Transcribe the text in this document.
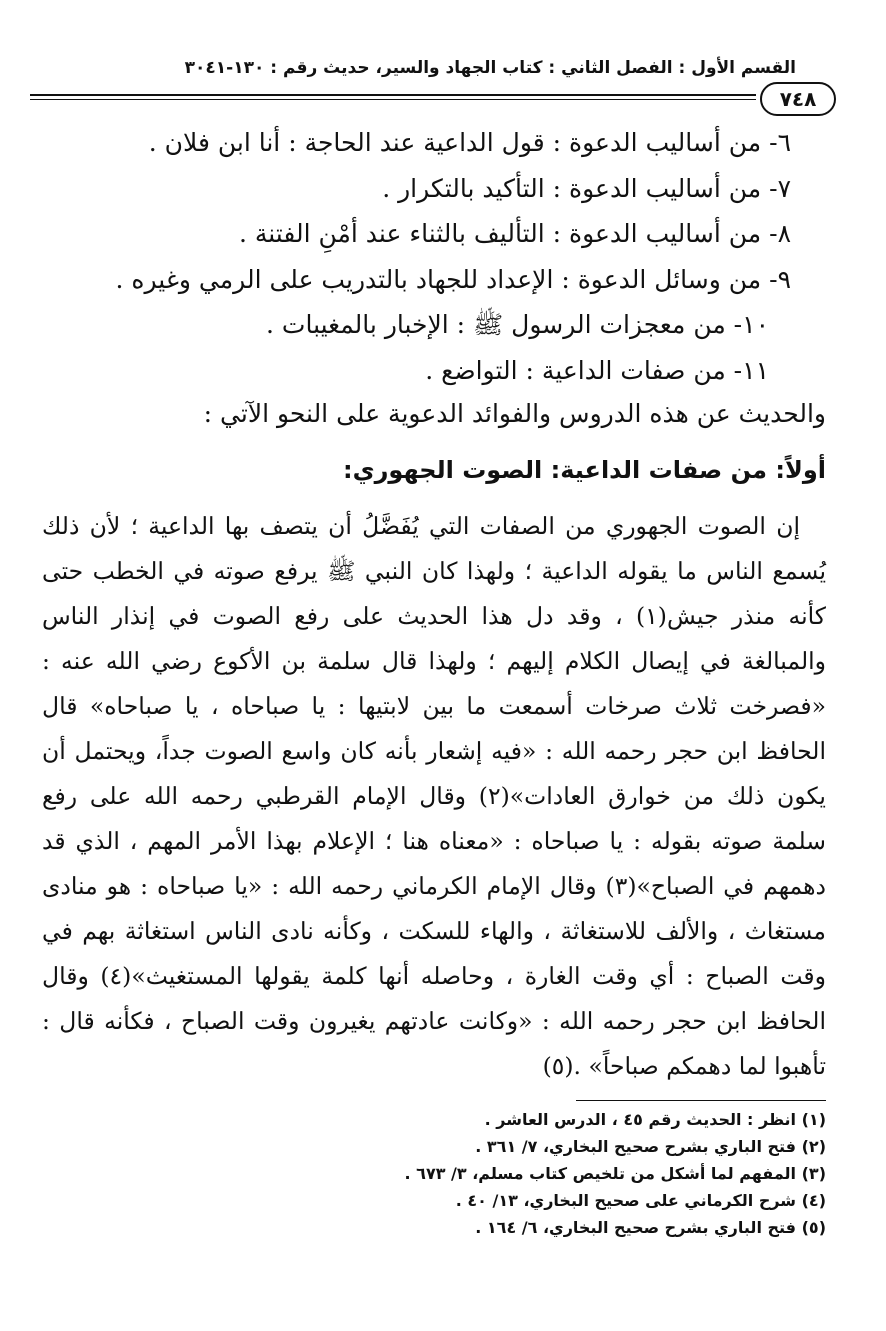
القسم الأول : الفصل الثاني : كتاب الجهاد والسير، حديث رقم : ١٣٠-٣٠٤١
٧٤٨
٦- من أساليب الدعوة : قول الداعية عند الحاجة : أنا ابن فلان .
٧- من أساليب الدعوة : التأكيد بالتكرار .
٨- من أساليب الدعوة : التأليف بالثناء عند أمْنِ الفتنة .
٩- من وسائل الدعوة : الإعداد للجهاد بالتدريب على الرمي وغيره .
١٠- من معجزات الرسول ﷺ : الإخبار بالمغيبات .
١١- من صفات الداعية : التواضع .
والحديث عن هذه الدروس والفوائد الدعوية على النحو الآتي :
أولاً: من صفات الداعية: الصوت الجهوري:

إن الصوت الجهوري من الصفات التي يُفَضَّلُ أن يتصف بها الداعية ؛ لأن ذلك يُسمع الناس ما يقوله الداعية ؛ ولهذا كان النبي ﷺ يرفع صوته في الخطب حتى كأنه منذر جيش(١) ، وقد دل هذا الحديث على رفع الصوت في إنذار الناس والمبالغة في إيصال الكلام إليهم ؛ ولهذا قال سلمة بن الأكوع رضي الله عنه : «فصرخت ثلاث صرخات أسمعت ما بين لابتيها : يا صباحاه ، يا صباحاه» قال الحافظ ابن حجر رحمه الله : «فيه إشعار بأنه كان واسع الصوت جداً، ويحتمل أن يكون ذلك من خوارق العادات»(٢) وقال الإمام القرطبي رحمه الله على رفع سلمة صوته بقوله : يا صباحاه : «معناه هنا ؛ الإعلام بهذا الأمر المهم ، الذي قد دهمهم في الصباح»(٣) وقال الإمام الكرماني رحمه الله : «يا صباحاه : هو منادى مستغاث ، والألف للاستغاثة ، والهاء للسكت ، وكأنه نادى الناس استغاثة بهم في وقت الصباح : أي وقت الغارة ، وحاصله أنها كلمة يقولها المستغيث»(٤) وقال الحافظ ابن حجر رحمه الله : «وكانت عادتهم يغيرون وقت الصباح ، فكأنه قال : تأهبوا لما دهمكم صباحاً» .(٥)

(١) انظر : الحديث رقم ٤٥ ، الدرس العاشر .
(٢) فتح الباري بشرح صحيح البخاري، ٧/ ٣٦١ .
(٣) المفهم لما أشكل من تلخيص كتاب مسلم، ٣/ ٦٧٣ .
(٤) شرح الكرماني على صحيح البخاري، ١٣/ ٤٠ .
(٥) فتح الباري بشرح صحيح البخاري، ٦/ ١٦٤ .
